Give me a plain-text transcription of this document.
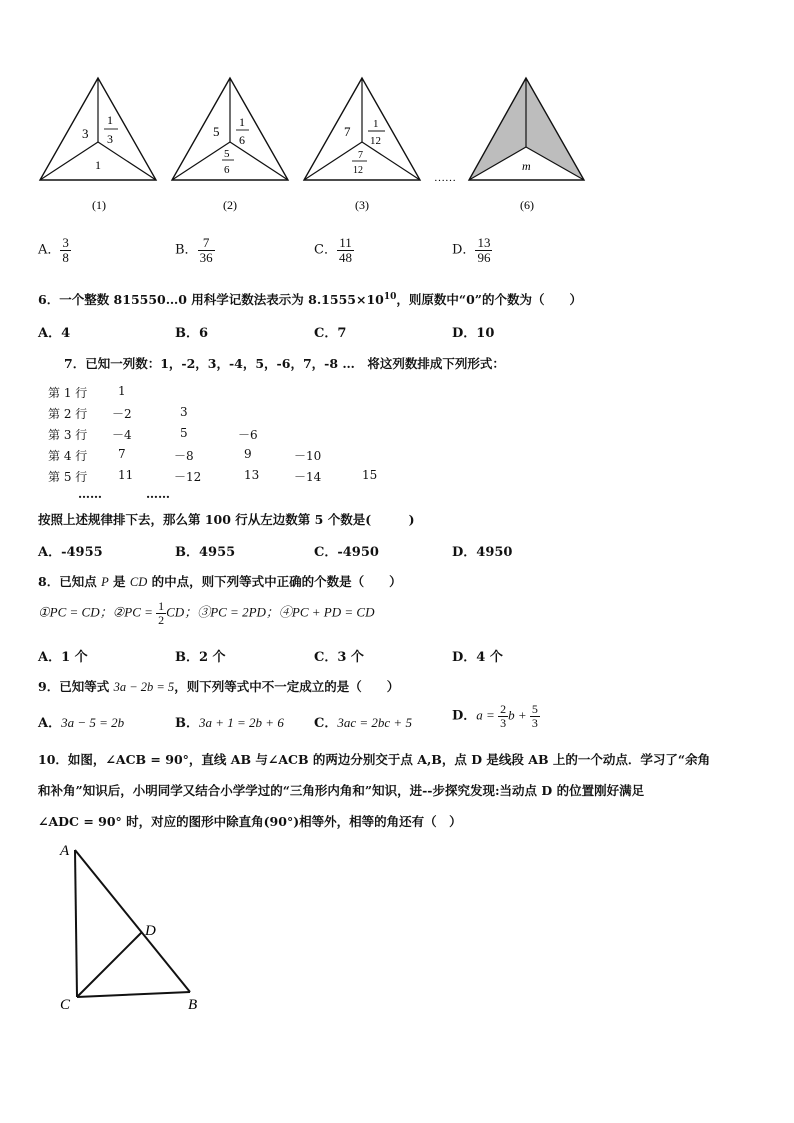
3
1
3
1
5
1
6
5
6
7 1
12
7
12
……
m
(1)	(2)	(3)	(6)
A． $\frac{3}{8}$	B． $\frac{7}{36}$	C． $\frac{11}{48}$	D． $\frac{13}{96}$
6．一个整数 815550…0 用科学记数法表示为 $8.1555\times 10^{10}$，则原数中“0”的个数为（　　）
A．4	B．6	C．7	D．10
7．已知一列数：1，-2，3，-4，5，-6，7，-8 …　将这列数排成下列形式：
第 1 行	1
第 2 行 －2	3
第 3 行 －4	5	－6
第 4 行	7	－8	9	－10
第 5 行	11	－12	13	－14	15
……	……
按照上述规律排下去，那么第 100 行从左边数第 5 个数是(　　　)
A．-4955	B．4955	C．-4950	D．4950
8．已知点 P 是 CD 的中点，则下列等式中正确的个数是（　　）
①PC = CD；②PC = $\frac{1}{2}$ CD；③PC = 2PD；④PC + PD = CD
A．1 个	B．2 个	C．3 个	D．4 个
9．已知等式 3a − 2b = 5，则下列等式中不一定成立的是（　　）
A．3a − 5 = 2b	B．3a + 1 = 2b + 6 C．3ac = 2bc + 5	D．$a = \frac{2}{3}$ $b + \frac{5}{3}$
10．如图，∠ACB = 90°，直线 AB 与∠ACB 的两边分别交于点 A,B，点 D 是线段 AB 上的一个动点．学习了“余角
和补角”知识后，小明同学又结合小学学过的“三角形内角和”知识，进--步探究发现:当动点 D 的位置刚好满足
∠ADC = 90° 时，对应的图形中除直角(90°)相等外，相等的角还有（　）
A
C	B
D
